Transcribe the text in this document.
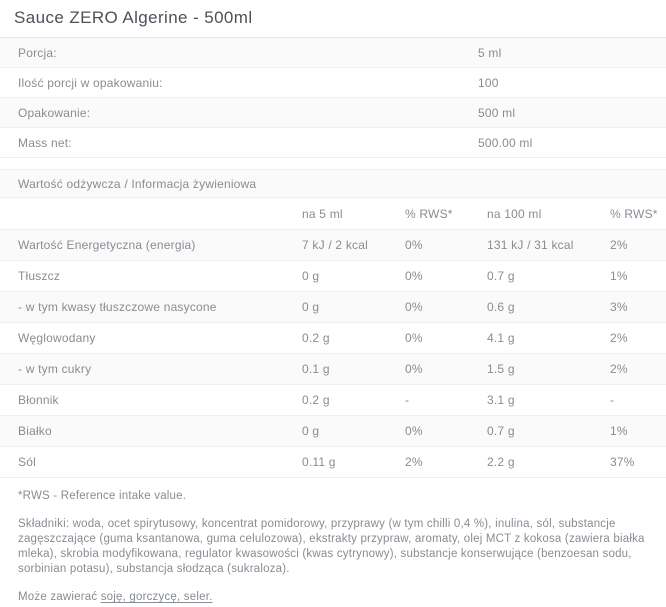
Sauce ZERO Algerine - 500ml
Porcja:	5 ml
Ilość porcji w opakowaniu:	100
Opakowanie:	500 ml
Mass net:	500.00 ml
Wartość odżywcza / Informacja żywieniowa				
	na 5 ml	% RWS*	na 100 ml	% RWS*
Wartość Energetyczna (energia)	7 kJ / 2 kcal	0%	131 kJ / 31 kcal	2%
Tłuszcz	0 g	0%	0.7 g	1%
- w tym kwasy tłuszczowe nasycone	0 g	0%	0.6 g	3%
Węglowodany	0.2 g	0%	4.1 g	2%
- w tym cukry	0.1 g	0%	1.5 g	2%
Błonnik	0.2 g	-	3.1 g	-
Białko	0 g	0%	0.7 g	1%
Sól	0.11 g	2%	2.2 g	37%

*RWS - Reference intake value.

Składniki: woda, ocet spirytusowy, koncentrat pomidorowy, przyprawy (w tym chilli 0,4 %), inulina, sól, substancje zagęszczające (guma ksantanowa, guma celulozowa), ekstrakty przypraw, aromaty, olej MCT z kokosa (zawiera białka mleka), skrobia modyfikowana, regulator kwasowości (kwas cytrynowy), substancje konserwujące (benzoesan sodu, sorbinian potasu), substancja słodząca (sukraloza).

Może zawierać soję, gorczycę, seler.
